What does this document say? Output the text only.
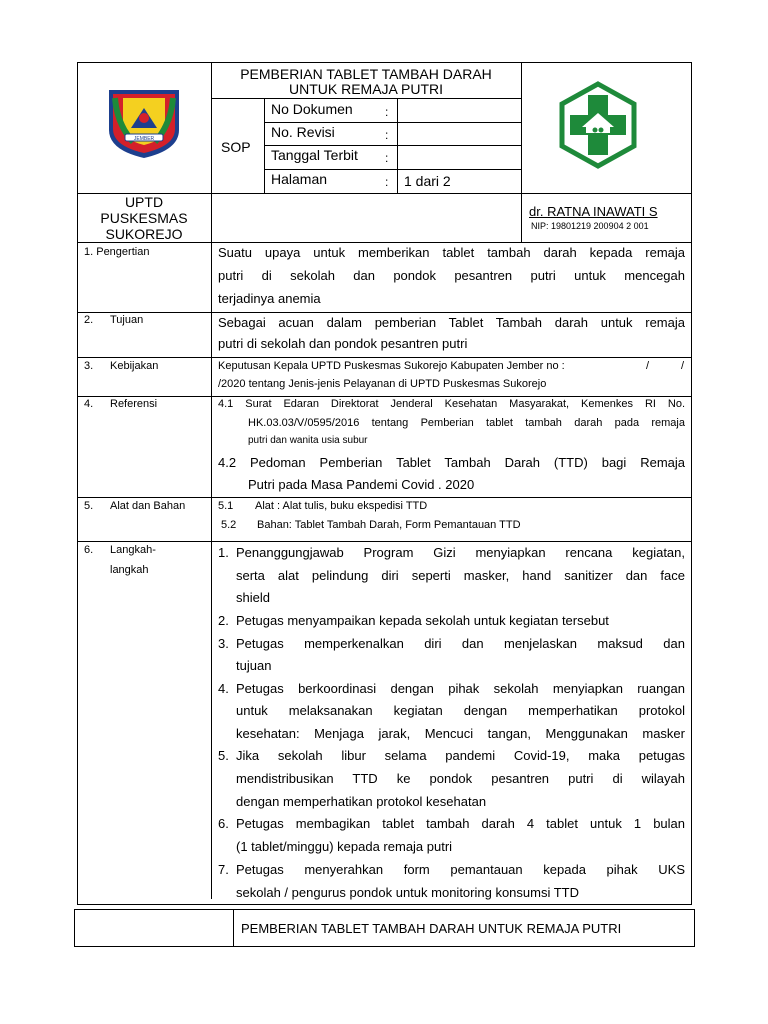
JEMBER
PEMBERIAN TABLET TAMBAH DARAH
UNTUK REMAJA PUTRI
SOP
No Dokumen	:
No. Revisi	:
Tanggal Terbit :
Halaman	: 1 dari 2
UPTD
PUSKESMAS
SUKOREJO
dr. RATNA INAWATI S
NIP: 19801219 200904 2 001
1. Pengertian	Suatu upaya untuk memberikan tablet tambah darah kepada remaja
putri di sekolah dan pondok pesantren putri untuk mencegah
terjadinya anemia
2. Tujuan	Sebagai acuan dalam pemberian Tablet Tambah darah untuk remaja
putri di sekolah dan pondok pesantren putri
3. Kebijakan	Keputusan Kepala UPTD Puskesmas Sukorejo Kabupaten Jember no :	/	/
/2020 tentang Jenis-jenis Pelayanan di UPTD Puskesmas Sukorejo
4. Referensi	4.1 Surat Edaran Direktorat Jenderal Kesehatan Masyarakat, Kemenkes RI No.
HK.03.03/V/0595/2016 tentang Pemberian tablet tambah darah pada remaja
putri dan wanita usia subur
4.2 Pedoman Pemberian Tablet Tambah Darah (TTD) bagi Remaja
Putri pada Masa Pandemi Covid . 2020
5. Alat dan Bahan	5.1 Alat : Alat tulis, buku ekspedisi TTD
5.2 Bahan: Tablet Tambah Darah, Form Pemantauan TTD
6. Langkah-
langkah
1. Penanggungjawab Program Gizi menyiapkan rencana kegiatan,
serta alat pelindung diri seperti masker, hand sanitizer dan face
shield
2. Petugas menyampaikan kepada sekolah untuk kegiatan tersebut
3. Petugas memperkenalkan diri dan menjelaskan maksud dan
tujuan
4. Petugas berkoordinasi dengan pihak sekolah menyiapkan ruangan
untuk melaksanakan kegiatan dengan memperhatikan protokol
kesehatan: Menjaga jarak, Mencuci tangan, Menggunakan masker
5. Jika sekolah libur selama pandemi Covid-19, maka petugas
mendistribusikan TTD ke pondok pesantren putri di wilayah
dengan memperhatikan protokol kesehatan
6. Petugas membagikan tablet tambah darah 4 tablet untuk 1 bulan
(1 tablet/minggu) kepada remaja putri
7. Petugas menyerahkan form pemantauan kepada pihak UKS
sekolah / pengurus pondok untuk monitoring konsumsi TTD
PEMBERIAN TABLET TAMBAH DARAH UNTUK REMAJA PUTRI
